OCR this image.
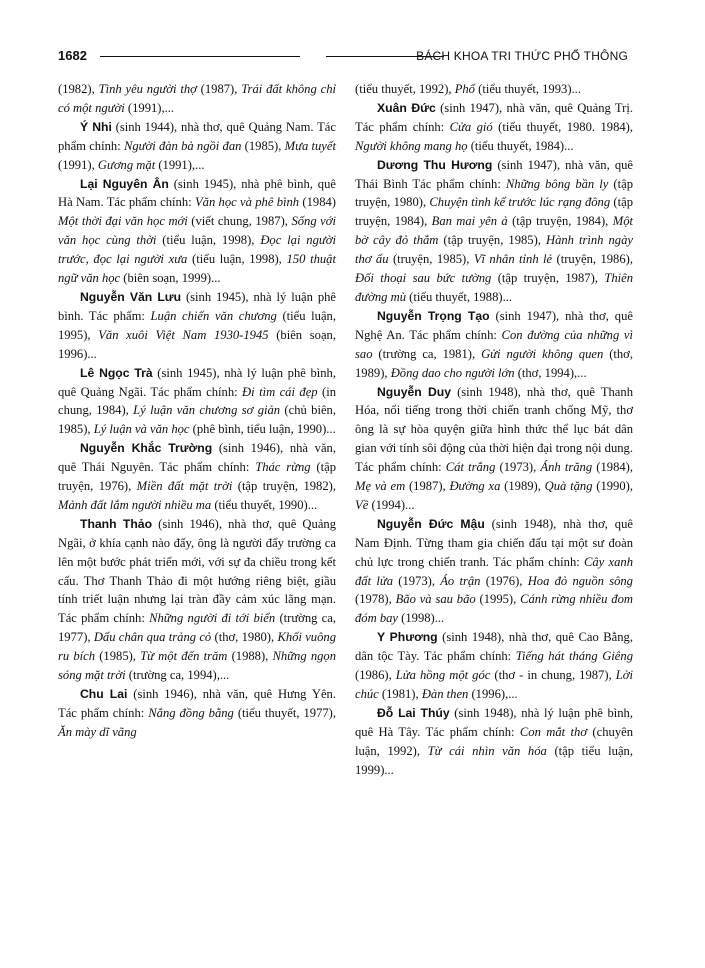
1682	BÁCH KHOA TRI THỨC PHỔ THÔNG

(1982), Tình yêu người thợ (1987), Trái đất không chỉ có một người (1991),...

Ý Nhi (sinh 1944), nhà thơ, quê Quảng Nam. Tác phẩm chính: Người đàn bà ngồi đan (1985), Mưa tuyết (1991), Gương mặt (1991),...

Lại Nguyên Ân (sinh 1945), nhà phê bình, quê Hà Nam. Tác phẩm chính: Văn học và phê bình (1984) Một thời đại văn học mới (viết chung, 1987), Sống với văn học cùng thời (tiểu luận, 1998), Đọc lại người trước, đọc lại người xưa (tiểu luận, 1998), 150 thuật ngữ văn học (biên soạn, 1999)...

Nguyễn Văn Lưu (sinh 1945), nhà lý luận phê bình. Tác phẩm: Luận chiến văn chương (tiểu luận, 1995), Văn xuôi Việt Nam 1930-1945 (biên soạn, 1996)...

Lê Ngọc Trà (sinh 1945), nhà lý luận phê bình, quê Quảng Ngãi. Tác phẩm chính: Đi tìm cái đẹp (in chung, 1984), Lý luận văn chương sơ giản (chủ biên, 1985), Lý luận và văn học (phê bình, tiểu luận, 1990)...

Nguyễn Khắc Trường (sinh 1946), nhà văn, quê Thái Nguyên. Tác phẩm chính: Thác rừng (tập truyện, 1976), Miền đất mặt trời (tập truyện, 1982), Mảnh đất lắm người nhiều ma (tiểu thuyết, 1990)...

Thanh Thảo (sinh 1946), nhà thơ, quê Quảng Ngãi, ở khía cạnh nào đấy, ông là người đẩy trường ca lên một bước phát triển mới, với sự đa chiều trong kết cấu. Thơ Thanh Thảo đi một hướng riêng biệt, giầu tính triết luận nhưng lại tràn đầy cảm xúc lãng mạn. Tác phẩm chính: Những người đi tới biển (trường ca, 1977), Dấu chân qua trảng cỏ (thơ, 1980), Khối vuông ru bích (1985), Từ một đến trăm (1988), Những ngọn sóng mặt trời (trường ca, 1994),...

Chu Lai (sinh 1946), nhà văn, quê Hưng Yên. Tác phẩm chính: Nắng đồng bằng (tiểu thuyết, 1977), Ăn mày dĩ vãng

(tiểu thuyết, 1992), Phố (tiểu thuyết, 1993)...

Xuân Đức (sinh 1947), nhà văn, quê Quảng Trị. Tác phẩm chính: Cửa gió (tiểu thuyết, 1980. 1984), Người không mang họ (tiểu thuyết, 1984)...

Dương Thu Hương (sinh 1947), nhà văn, quê Thái Bình Tác phẩm chính: Những bông bần ly (tập truyện, 1980), Chuyện tình kể trước lúc rạng đông (tập truyện, 1984), Ban mai yên ả (tập truyện, 1984), Một bờ cây đỏ thắm (tập truyện, 1985), Hành trình ngày thơ ấu (truyện, 1985), Vĩ nhân tỉnh lẻ (truyện, 1986), Đối thoại sau bức tường (tập truyện, 1987), Thiên đường mù (tiểu thuyết, 1988)...

Nguyễn Trọng Tạo (sinh 1947), nhà thơ, quê Nghệ An. Tác phẩm chính: Con đường của những vì sao (trường ca, 1981), Gửi người không quen (thơ, 1989), Đồng dao cho người lớn (thơ, 1994),...

Nguyễn Duy (sinh 1948), nhà thơ, quê Thanh Hóa, nổi tiếng trong thời chiến tranh chống Mỹ, thơ ông là sự hòa quyện giữa hình thức thể lục bát dân gian với tính sôi động của thời hiện đại trong nội dung. Tác phẩm chính: Cát trắng (1973), Ánh trăng (1984), Mẹ và em (1987), Đường xa (1989), Quà tặng (1990), Về (1994)...

Nguyễn Đức Mậu (sinh 1948), nhà thơ, quê Nam Định. Từng tham gia chiến đấu tại một sư đoàn chủ lực trong chiến tranh. Tác phẩm chính: Cây xanh đất lửa (1973), Áo trận (1976), Hoa đỏ nguồn sông (1978), Bão và sau bão (1995), Cánh rừng nhiều đom đóm bay (1998)...

Y Phương (sinh 1948), nhà thơ, quê Cao Bằng, dân tộc Tày. Tác phẩm chính: Tiếng hát tháng Giêng (1986), Lửa hồng một góc (thơ - in chung, 1987), Lời chúc (1981), Đàn then (1996),...

Đỗ Lai Thúy (sinh 1948), nhà lý luận phê bình, quê Hà Tây. Tác phẩm chính: Con mắt thơ (chuyên luận, 1992), Từ cái nhìn văn hóa (tập tiểu luận, 1999)...
